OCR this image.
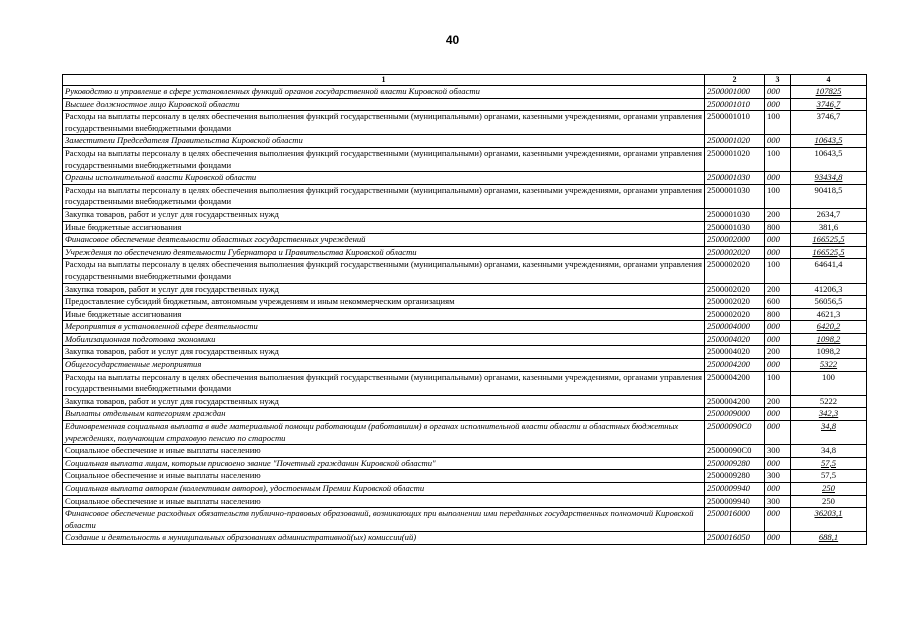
40
1	2	3	4
Руководство и управление в сфере установленных функций органов государственной власти Кировской области	2500001000	000	107825
Высшее должностное лицо Кировской области	2500001010	000	3746,7
Расходы на выплаты персоналу в целях обеспечения выполнения функций государственными (муниципальными) органами, казенными учреждениями, органами управления государственными внебюджетными фондами	2500001010	100	3746,7
Заместители Председателя Правительства Кировской области	2500001020	000	10643,5
Расходы на выплаты персоналу в целях обеспечения выполнения функций государственными (муниципальными) органами, казенными учреждениями, органами управления государственными внебюджетными фондами	2500001020	100	10643,5
Органы исполнительной власти Кировской области	2500001030	000	93434,8
Расходы на выплаты персоналу в целях обеспечения выполнения функций государственными (муниципальными) органами, казенными учреждениями, органами управления государственными внебюджетными фондами	2500001030	100	90418,5
Закупка товаров, работ и услуг для государственных нужд	2500001030	200	2634,7
Иные бюджетные ассигнования	2500001030	800	381,6
Финансовое обеспечение деятельности областных государственных учреждений	2500002000	000	166525,5
Учреждения по обеспечению деятельности Губернатора и Правительства Кировской области	2500002020	000	166525,5
Расходы на выплаты персоналу в целях обеспечения выполнения функций государственными (муниципальными) органами, казенными учреждениями, органами управления государственными внебюджетными фондами	2500002020	100	64641,4
Закупка товаров, работ и услуг для государственных нужд	2500002020	200	41206,3
Предоставление субсидий бюджетным, автономным учреждениям и иным некоммерческим организациям	2500002020	600	56056,5
Иные бюджетные ассигнования	2500002020	800	4621,3
Мероприятия в установленной сфере деятельности	2500004000	000	6420,2
Мобилизационная подготовка экономики	2500004020	000	1098,2
Закупка товаров, работ и услуг для государственных нужд	2500004020	200	1098,2
Общегосударственные мероприятия	2500004200	000	5322
Расходы на выплаты персоналу в целях обеспечения выполнения функций государственными (муниципальными) органами, казенными учреждениями, органами управления государственными внебюджетными фондами	2500004200	100	100
Закупка товаров, работ и услуг для государственных нужд	2500004200	200	5222
Выплаты отдельным категориям граждан	2500009000	000	342,3
Единовременная социальная выплата в виде материальной помощи работающим (работавшим) в органах исполнительной власти области и областных бюджетных учреждениях, получающим страховую пенсию по старости	25000090С0	000	34,8
Социальное обеспечение и иные выплаты населению	25000090С0	300	34,8
Социальная выплата лицам, которым присвоено звание "Почетный гражданин Кировской области"	2500009280	000	57,5
Социальное обеспечение и иные выплаты населению	2500009280	300	57,5
Социальная выплата авторам (коллективам авторов), удостоенным Премии Кировской области	2500009940	000	250
Социальное обеспечение и иные выплаты населению	2500009940	300	250
Финансовое обеспечение расходных обязательств публично-правовых образований, возникающих при выполнении ими переданных государственных полномочий Кировской области	2500016000	000	36203,1
Создание и деятельность в муниципальных образованиях административной(ых) комиссии(ий)	2500016050	000	688,1
